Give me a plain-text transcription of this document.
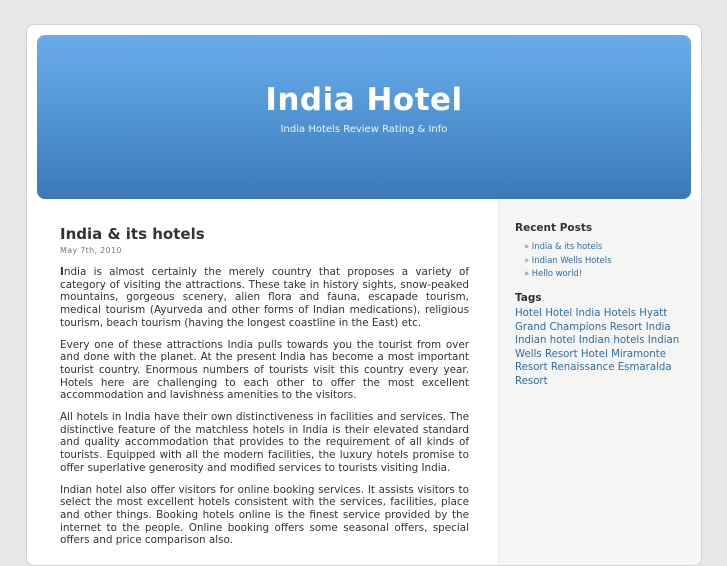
India Hotel
India Hotels Review Rating & Info
India & its hotels
May 7th, 2010

India is almost certainly the merely country that proposes a variety of category of visiting the attractions. These take in history sights, snow-peaked mountains, gorgeous scenery, alien flora and fauna, escapade tourism, medical tourism (Ayurveda and other forms of Indian medications), religious tourism, beach tourism (having the longest coastline in the East) etc.

Every one of these attractions India pulls towards you the tourist from over and done with the planet. At the present India has become a most important tourist country. Enormous numbers of tourists visit this country every year. Hotels here are challenging to each other to offer the most excellent accommodation and lavishness amenities to the visitors.

All hotels in India have their own distinctiveness in facilities and services. The distinctive feature of the matchless hotels in India is their elevated standard and quality accommodation that provides to the requirement of all kinds of tourists. Equipped with all the modern facilities, the luxury hotels promise to offer superlative generosity and modified services to tourists visiting India.

Indian hotel also offer visitors for online booking services. It assists visitors to select the most excellent hotels consistent with the services, facilities, place and other things. Booking hotels online is the finest service provided by the internet to the people. Online booking offers some seasonal offers, special offers and price comparison also.

Recent Posts
» India & its hotels
» Indian Wells Hotels
» Hello world!
Tags
Hotel Hotel India Hotels Hyatt Grand Champions Resort India Indian hotel Indian hotels Indian Wells Resort Hotel Miramonte Resort Renaissance Esmaralda Resort
